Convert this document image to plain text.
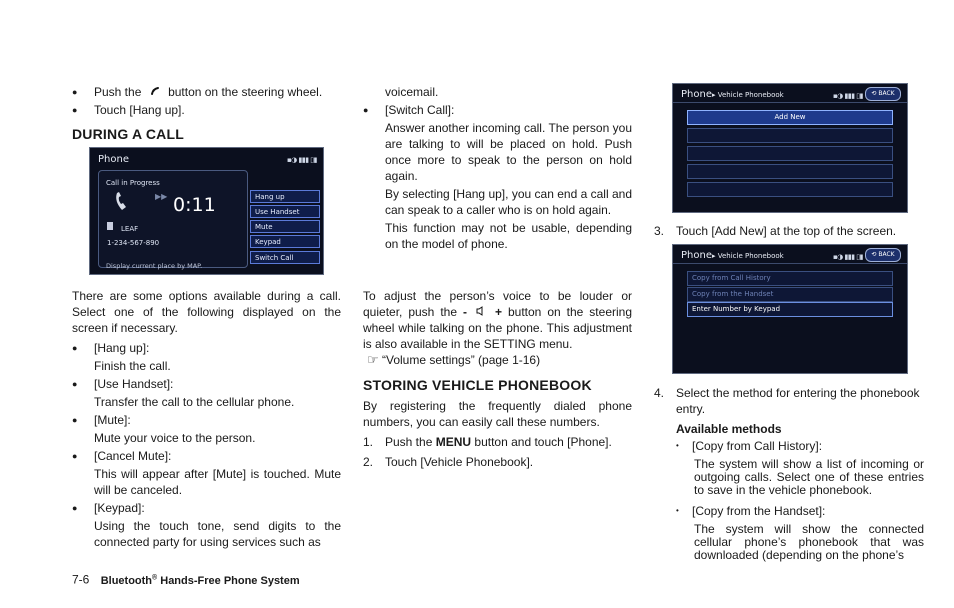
●	Push the button on the steering wheel.
●	Touch [Hang up].
DURING A CALL
Phone	▪◑ ▮▮▮ ▯▮
Call in Progress
▶▶ 0:11
LEAF
1-234-567-890
Display current place by MAP.
Hang up
Use Handset
Mute
Keypad
Switch Call
There are some options available during a call. Select one of the following displayed on the screen if necessary.
●	[Hang up]:
Finish the call.
●	[Use Handset]:
Transfer the call to the cellular phone.
●	[Mute]:
Mute your voice to the person.
●	[Cancel Mute]:
This will appear after [Mute] is touched. Mute will be canceled.
●	[Keypad]:
Using the touch tone, send digits to the connected party for using services such as
7-6 Bluetooth® Hands-Free Phone System
voicemail.
●	[Switch Call]:
Answer another incoming call. The person you are talking to will be placed on hold. Push once more to speak to the person on hold again.
By selecting [Hang up], you can end a call and can speak to a caller who is on hold again.
This function may not be usable, depending on the model of phone.
To adjust the person’s voice to be louder or quieter, push the - + button on the steering wheel while talking on the phone. This adjustment is also available in the SETTING menu.
☞ “Volume settings” (page 1-16)
STORING VEHICLE PHONEBOOK
By registering the frequently dialed phone numbers, you can easily call these numbers.
1. Push the MENU button and touch [Phone].
2. Touch [Vehicle Phonebook].
Phone▸ Vehicle Phonebook	▪◑ ▮▮▮ ▯▮	⟲ BACK
Add New
3. Touch [Add New] at the top of the screen.
Phone▸ Vehicle Phonebook	▪◑ ▮▮▮ ▯▮	⟲ BACK
Copy from Call History
Copy from the Handset
Enter Number by Keypad
4. Select the method for entering the phonebook entry.
Available methods
•	[Copy from Call History]:
The system will show a list of incoming or outgoing calls. Select one of these entries to save in the vehicle phonebook.
•	[Copy from the Handset]:
The system will show the connected cellular phone’s phonebook that was downloaded (depending on the phone’s
